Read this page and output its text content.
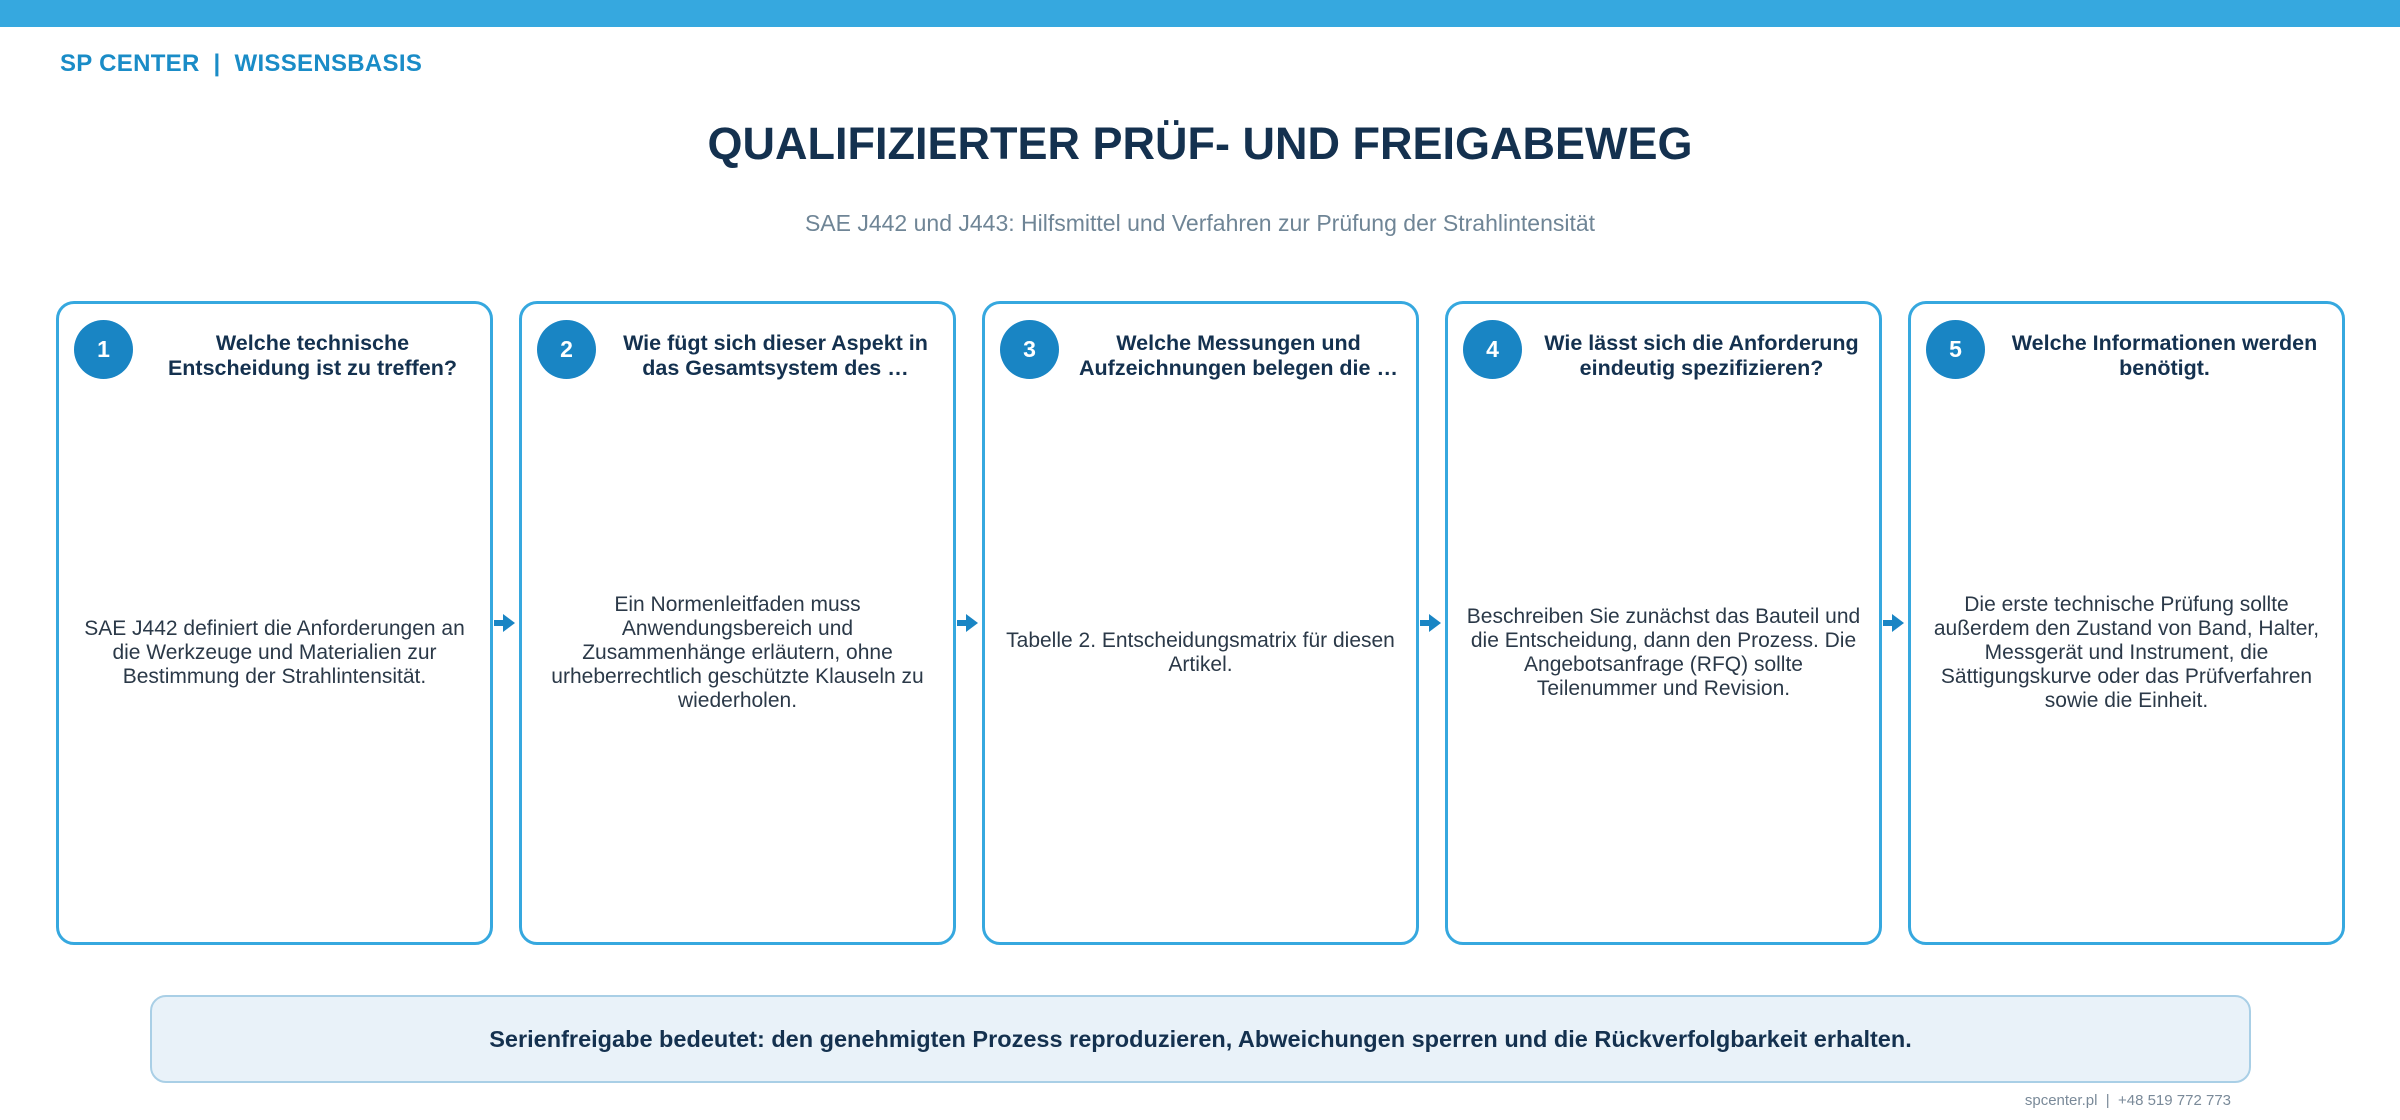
SP CENTER  |  WISSENSBASIS
QUALIFIZIERTER PRÜF- UND FREIGABEWEG
SAE J442 und J443: Hilfsmittel und Verfahren zur Prüfung der Strahlintensität
1	Welche technische Entscheidung ist zu treffen?
SAE J442 definiert die Anforderungen an die Werkzeuge und Materialien zur Bestimmung der Strahlintensität.
2	Wie fügt sich dieser Aspekt in das Gesamtsystem des …
Ein Normenleitfaden muss Anwendungsbereich und Zusammenhänge erläutern, ohne urheberrechtlich geschützte Klauseln zu wiederholen.
3	Welche Messungen und Aufzeichnungen belegen die …
Tabelle 2. Entscheidungsmatrix für diesen Artikel.
4	Wie lässt sich die Anforderung eindeutig spezifizieren?
Beschreiben Sie zunächst das Bauteil und die Entscheidung, dann den Prozess. Die Angebotsanfrage (RFQ) sollte Teilenummer und Revision.
5	Welche Informationen werden benötigt.
Die erste technische Prüfung sollte außerdem den Zustand von Band, Halter, Messgerät und Instrument, die Sättigungskurve oder das Prüfverfahren sowie die Einheit.
Serienfreigabe bedeutet: den genehmigten Prozess reproduzieren, Abweichungen sperren und die Rückverfolgbarkeit erhalten.
spcenter.pl  |  +48 519 772 773
